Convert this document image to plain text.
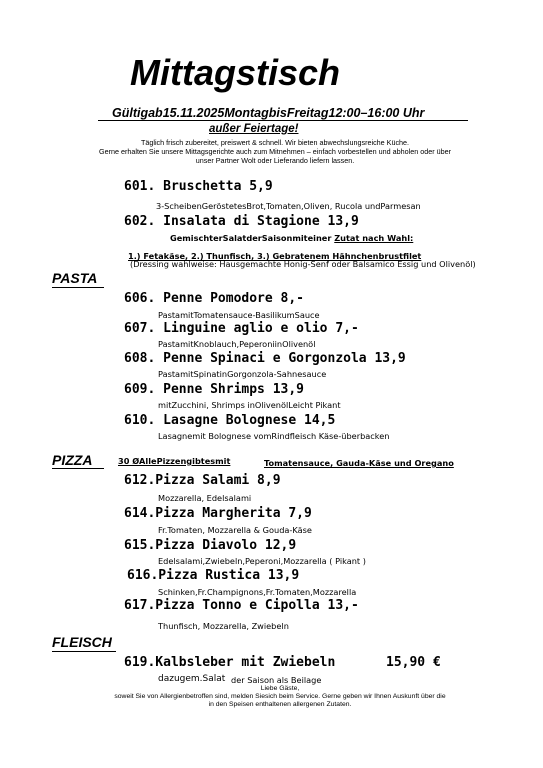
Mittagstisch
Gültigab15.11.2025MontagbisFreitag12:00–16:00 Uhr
außer Feiertage!
Täglich frisch zubereitet, preiswert & schnell. Wir bieten abwechslungsreiche Küche.
Gerne erhalten Sie unsere Mittagsgerichte auch zum Mitnehmen – einfach vorbestellen und abholen oder über
unser Partner Wolt oder Lieferando liefern lassen.
601. Bruschetta 5,9
3-ScheibenGeröstetesBrot,Tomaten,Oliven, Rucola undParmesan
602. Insalata di Stagione 13,9
GemischterSalatderSaisonmiteiner Zutat nach Wahl:
1.) Fetakäse, 2.) Thunfisch, 3.) Gebratenem Hähnchenbrustfilet
(Dressing wahlweise: Hausgemachte Honig-Senf oder Balsamico Essig und Olivenöl)
PASTA
606. Penne Pomodore 8,-
PastamitTomatensauce-BasilikumSauce
607. Linguine aglio e olio 7,-
PastamitKnoblauch,PeperoniinOlivenöl
608. Penne Spinaci e Gorgonzola 13,9
PastamitSpinatinGorgonzola-Sahnesauce
609. Penne Shrimps 13,9
mitZucchini, Shrimps inOlivenölLeicht Pikant
610. Lasagne Bolognese 14,5
Lasagnemit Bolognese vomRindfleisch Käse-überbacken
PIZZA	30 ØAllePizzengibtesmit	Tomatensauce, Gauda-Käse und Oregano
612.Pizza Salami 8,9
Mozzarella, Edelsalami
614.Pizza Margherita 7,9
Fr.Tomaten, Mozzarella & Gouda-Käse
615.Pizza Diavolo 12,9
Edelsalami,Zwiebeln,Peperoni,Mozzarella ( Pikant )
616.Pizza Rustica 13,9
Schinken,Fr.Champignons,Fr.Tomaten,Mozzarella
617.Pizza Tonno e Cipolla 13,-
Thunfisch, Mozzarella, Zwiebeln
FLEISCH
619.Kalbsleber mit Zwiebeln	15,90 €
dazugem.Salat der Saison als Beilage
Liebe Gäste,
soweit Sie von Allergienbetroffen sind, melden Siesich beim Service. Gerne geben wir Ihnen Auskunft über die
in den Speisen enthaltenen allergenen Zutaten.
